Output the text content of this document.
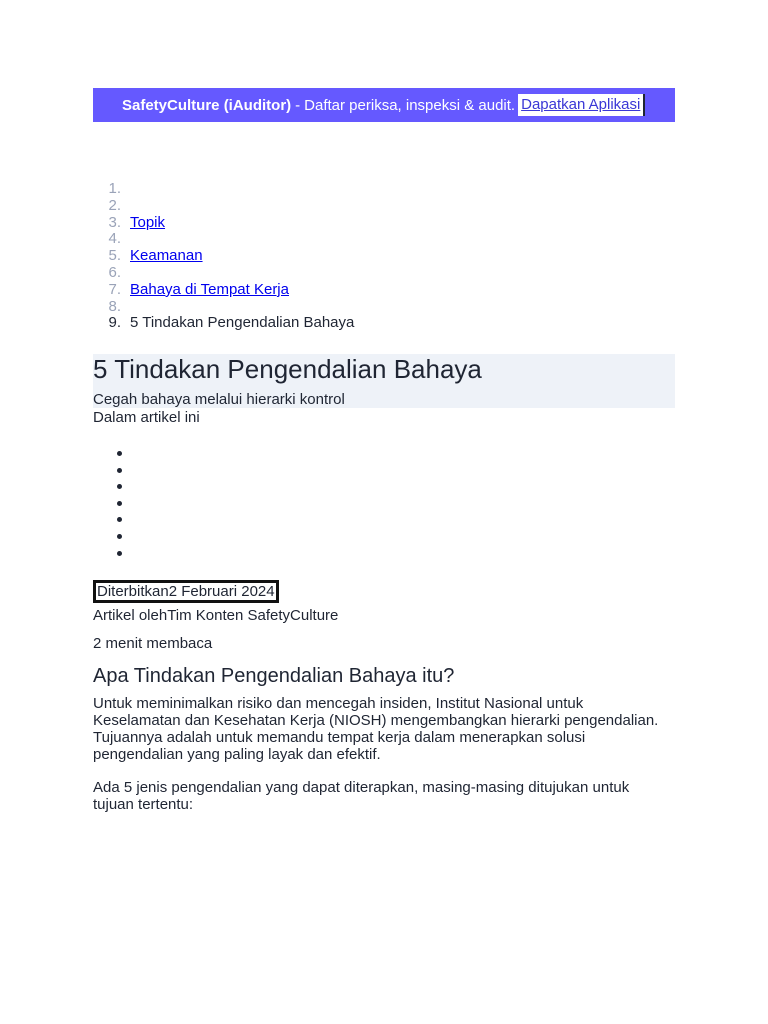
SafetyCulture (iAuditor) - Daftar periksa, inspeksi & audit. Dapatkan Aplikasi
1.
2.
3. Topik
4.
5. Keamanan
6.
7. Bahaya di Tempat Kerja
8.
9. 5 Tindakan Pengendalian Bahaya
5 Tindakan Pengendalian Bahaya
Cegah bahaya melalui hierarki kontrol
Dalam artikel ini
Diterbitkan2 Februari 2024
Artikel olehTim Konten SafetyCulture
2 menit membaca
Apa Tindakan Pengendalian Bahaya itu?

Untuk meminimalkan risiko dan mencegah insiden, Institut Nasional untuk Keselamatan dan Kesehatan Kerja (NIOSH) mengembangkan hierarki pengendalian. Tujuannya adalah untuk memandu tempat kerja dalam menerapkan solusi pengendalian yang paling layak dan efektif.

Ada 5 jenis pengendalian yang dapat diterapkan, masing-masing ditujukan untuk tujuan tertentu:
